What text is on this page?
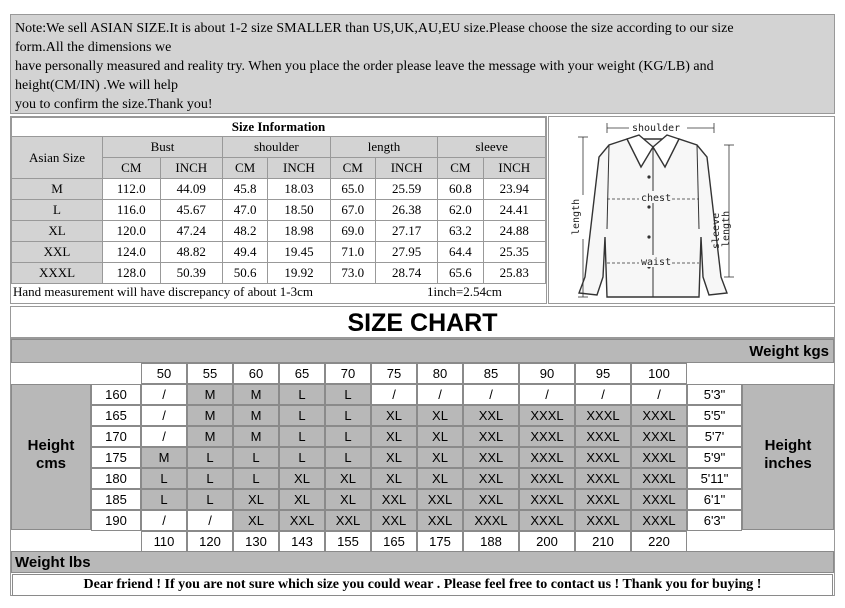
Note:We sell ASIAN SIZE.It is about 1-2 size SMALLER than US,UK,AU,EU size.Please choose the size according to our size
form.All the dimensions we
have personally measured and reality try. When you place the order please leave the message with your weight (KG/LB) and
height(CM/IN) .We will help
you to confirm the size.Thank you!
Size Information								
Asian Size	Bust		shoulder		length		sleeve	
	CM	INCH	CM	INCH	CM	INCH	CM	INCH
M	112.0	44.09	45.8	18.03	65.0	25.59	60.8	23.94
L	116.0	45.67	47.0	18.50	67.0	26.38	62.0	24.41
XL	120.0	47.24	48.2	18.98	69.0	27.17	63.2	24.88
XXL	124.0	48.82	49.4	19.45	71.0	27.95	64.4	25.35
XXXL	128.0	50.39	50.6	19.92	73.0	28.74	65.6	25.83
Hand measurement will have discrepancy of about 1-3cm	1inch=2.54cm
shoulder
chest
waist
length	sleeve length
SIZE CHART
Weight kgs
Height
cms
Height
inches
Weight lbs
50	55	60	65	70	75	80	85	90	95	100
160	/	M	M	L	L	/	/	/	/	/	/	5'3"
165	/	M	M	L	L	XL	XL	XXL	XXXL	XXXL	XXXL	5'5"
170	/	M	M	L	L	XL	XL	XXL	XXXL	XXXL	XXXL	5'7'
175	M	L	L	L	L	XL	XL	XXL	XXXL	XXXL	XXXL	5'9"
180	L	L	L	XL	XL	XL	XL	XXL	XXXL	XXXL	XXXL	5'11"
185	L	L	XL	XL	XL	XXL	XXL	XXL	XXXL	XXXL	XXXL	6'1"
190	/	/	XL	XXL	XXL	XXL	XXL	XXXL	XXXL	XXXL	XXXL	6'3"
110	120	130	143	155	165	175	188	200	210	220
Dear friend ! If you are not sure which size you could wear . Please feel free to contact us ! Thank you for buying !
